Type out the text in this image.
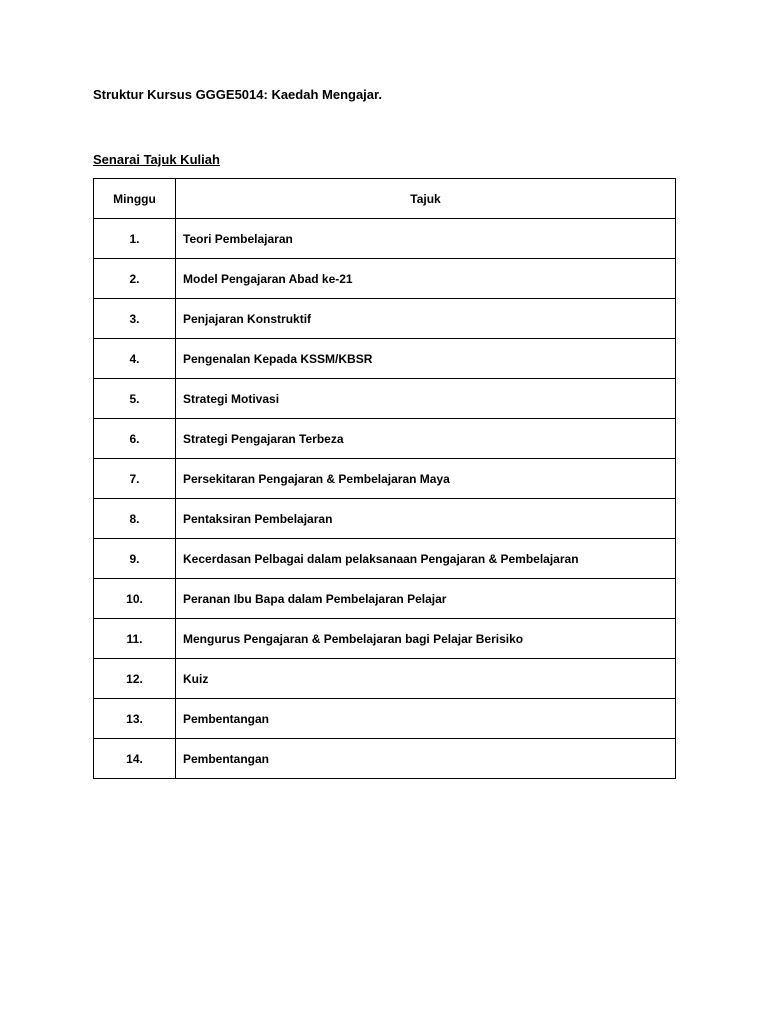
Struktur Kursus GGGE5014: Kaedah Mengajar.
Senarai Tajuk Kuliah
Minggu	Tajuk
1.	Teori Pembelajaran
2.	Model Pengajaran Abad ke-21
3.	Penjajaran Konstruktif
4.	Pengenalan Kepada KSSM/KBSR
5.	Strategi Motivasi
6.	Strategi Pengajaran Terbeza
7.	Persekitaran Pengajaran & Pembelajaran Maya
8.	Pentaksiran Pembelajaran
9.	Kecerdasan Pelbagai dalam pelaksanaan Pengajaran & Pembelajaran
10.	Peranan Ibu Bapa dalam Pembelajaran Pelajar
11.	Mengurus Pengajaran & Pembelajaran bagi Pelajar Berisiko
12.	Kuiz
13.	Pembentangan
14.	Pembentangan
